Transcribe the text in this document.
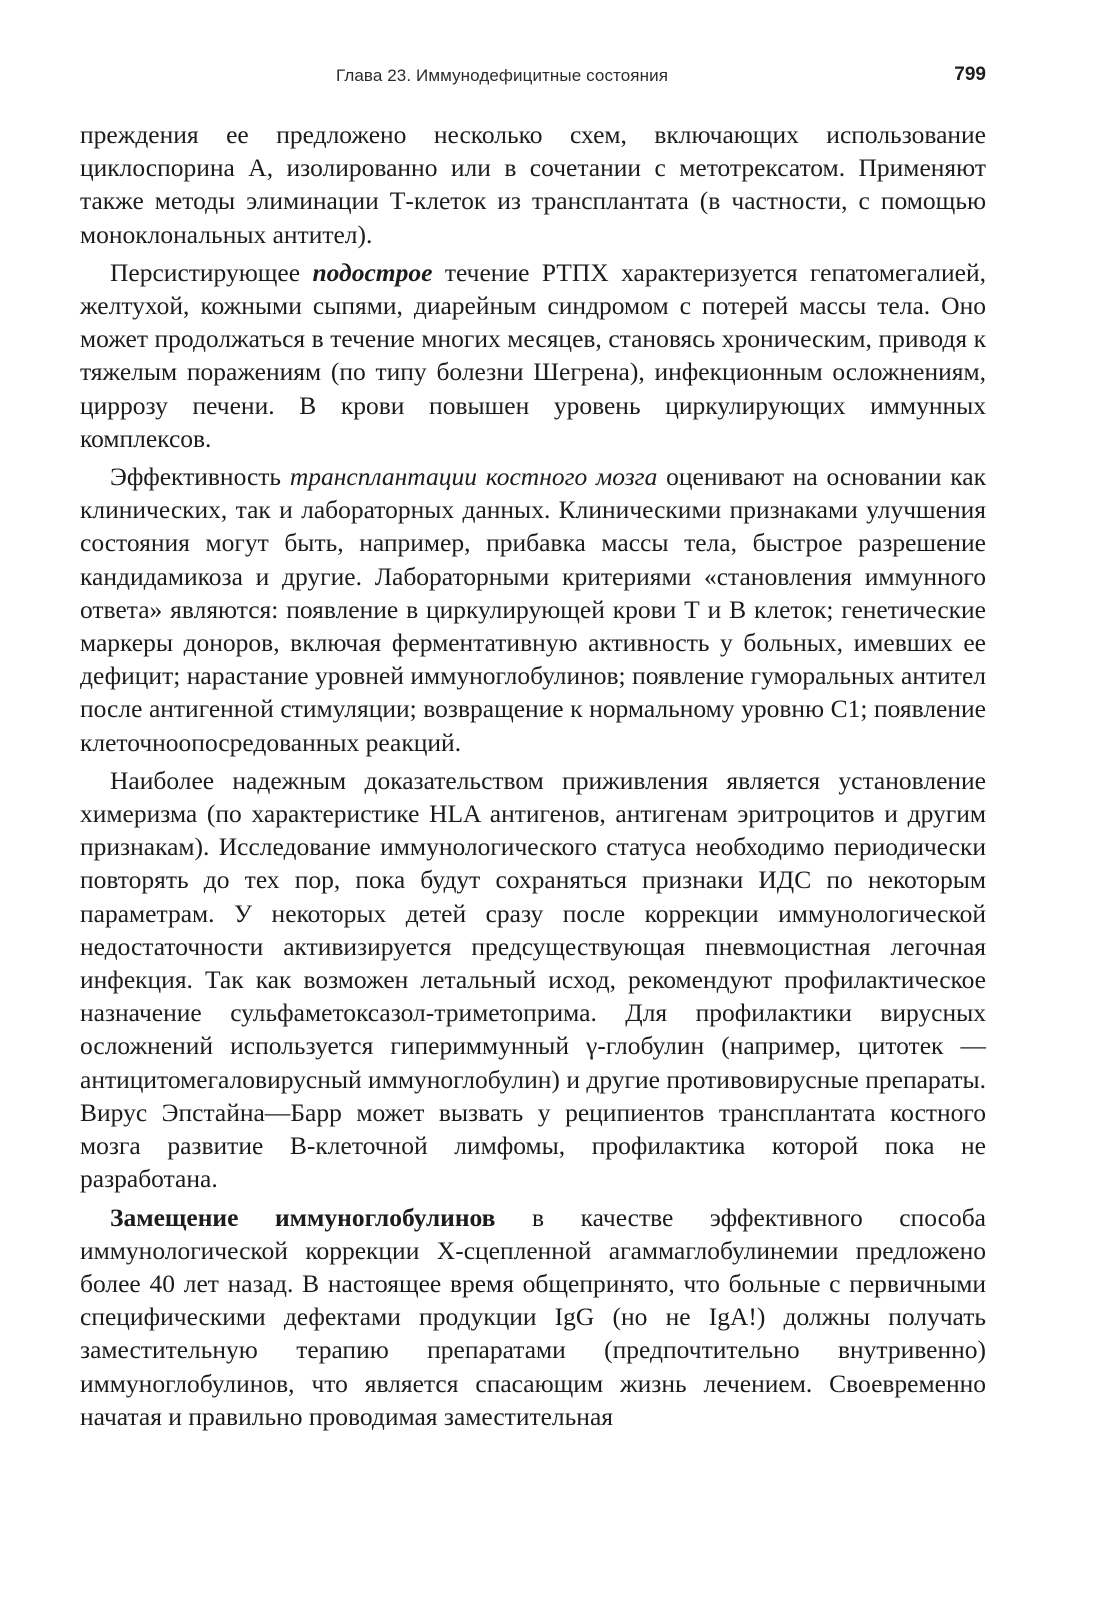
Глава 23. Иммунодефицитные состояния	799

преждения ее предложено несколько схем, включающих использование циклоспорина А, изолированно или в сочетании с метотрексатом. Применяют также методы элиминации Т-клеток из трансплантата (в частности, с помощью моноклональных антител).

Персистирующее подострое течение РТПХ характеризуется гепатомегалией, желтухой, кожными сыпями, диарейным синдромом с потерей массы тела. Оно может продолжаться в течение многих месяцев, становясь хроническим, приводя к тяжелым поражениям (по типу болезни Шегрена), инфекционным осложнениям, циррозу печени. В крови повышен уровень циркулирующих иммунных комплексов.

Эффективность трансплантации костного мозга оценивают на основании как клинических, так и лабораторных данных. Клиническими признаками улучшения состояния могут быть, например, прибавка массы тела, быстрое разрешение кандидамикоза и другие. Лабораторными критериями «становления иммунного ответа» являются: появление в циркулирующей крови Т и В клеток; генетические маркеры доноров, включая ферментативную активность у больных, имевших ее дефицит; нарастание уровней иммуноглобулинов; появление гуморальных антител после антигенной стимуляции; возвращение к нормальному уровню С1; появление клеточноопосредованных реакций.

Наиболее надежным доказательством приживления является установление химеризма (по характеристике HLA антигенов, антигенам эритроцитов и другим признакам). Исследование иммунологического статуса необходимо периодически повторять до тех пор, пока будут сохраняться признаки ИДС по некоторым параметрам. У некоторых детей сразу после коррекции иммунологической недостаточности активизируется предсуществующая пневмоцистная легочная инфекция. Так как возможен летальный исход, рекомендуют профилактическое назначение сульфаметоксазол-триметоприма. Для профилактики вирусных осложнений используется гипериммунный γ-глобулин (например, цитотек — антицитомегаловирусный иммуноглобулин) и другие противовирусные препараты. Вирус Эпстайна—Барр может вызвать у реципиентов трансплантата костного мозга развитие В-клеточной лимфомы, профилактика которой пока не разработана.

Замещение иммуноглобулинов в качестве эффективного способа иммунологической коррекции Х-сцепленной агаммаглобулинемии предложено более 40 лет назад. В настоящее время общепринято, что больные с первичными специфическими дефектами продукции IgG (но не IgA!) должны получать заместительную терапию препаратами (предпочтительно внутривенно) иммуноглобулинов, что является спасающим жизнь лечением. Своевременно начатая и правильно проводимая заместительная
